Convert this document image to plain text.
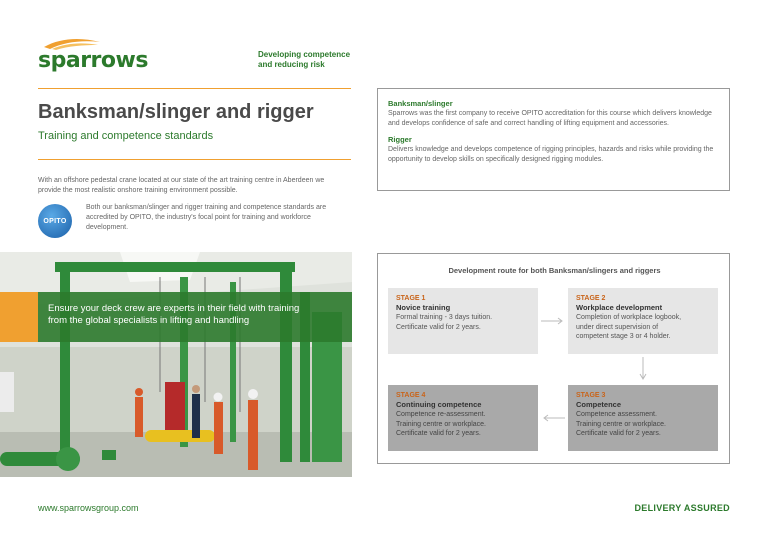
sparrows	Developing competence
and reducing risk
Banksman/slinger and rigger
Training and competence standards

With an offshore pedestal crane located at our state of the art training centre in Aberdeen we provide the most realistic onshore training environment possible.

OPITO

Both our banksman/slinger and rigger training and competence standards are accredited by OPITO, the industry's focal point for training and workforce development.

Banksman/slinger

Sparrows was the first company to receive OPITO accreditation for this course which delivers knowledge and develops confidence of safe and correct handling of lifting equipment and accessories.

Rigger

Delivers knowledge and develops competence of rigging principles, hazards and risks while providing the opportunity to develop skills on specifically designed rigging modules.

Ensure your deck crew are experts in their field with training
from the global specialists in lifting and handling
Development route for both Banksman/slingers and riggers
STAGE 1
Novice training
Formal training - 3 days tuition.
Certificate valid for 2 years.
STAGE 2
Workplace development
Completion of workplace logbook,
under direct supervision of
competent stage 3 or 4 holder.
STAGE 4
Continuing competence
Competence re-assessment.
Training centre or workplace.
Certificate valid for 2 years.
STAGE 3
Competence
Competence assessment.
Training centre or workplace.
Certificate valid for 2 years.
www.sparrowsgroup.com	DELIVERY ASSURED
